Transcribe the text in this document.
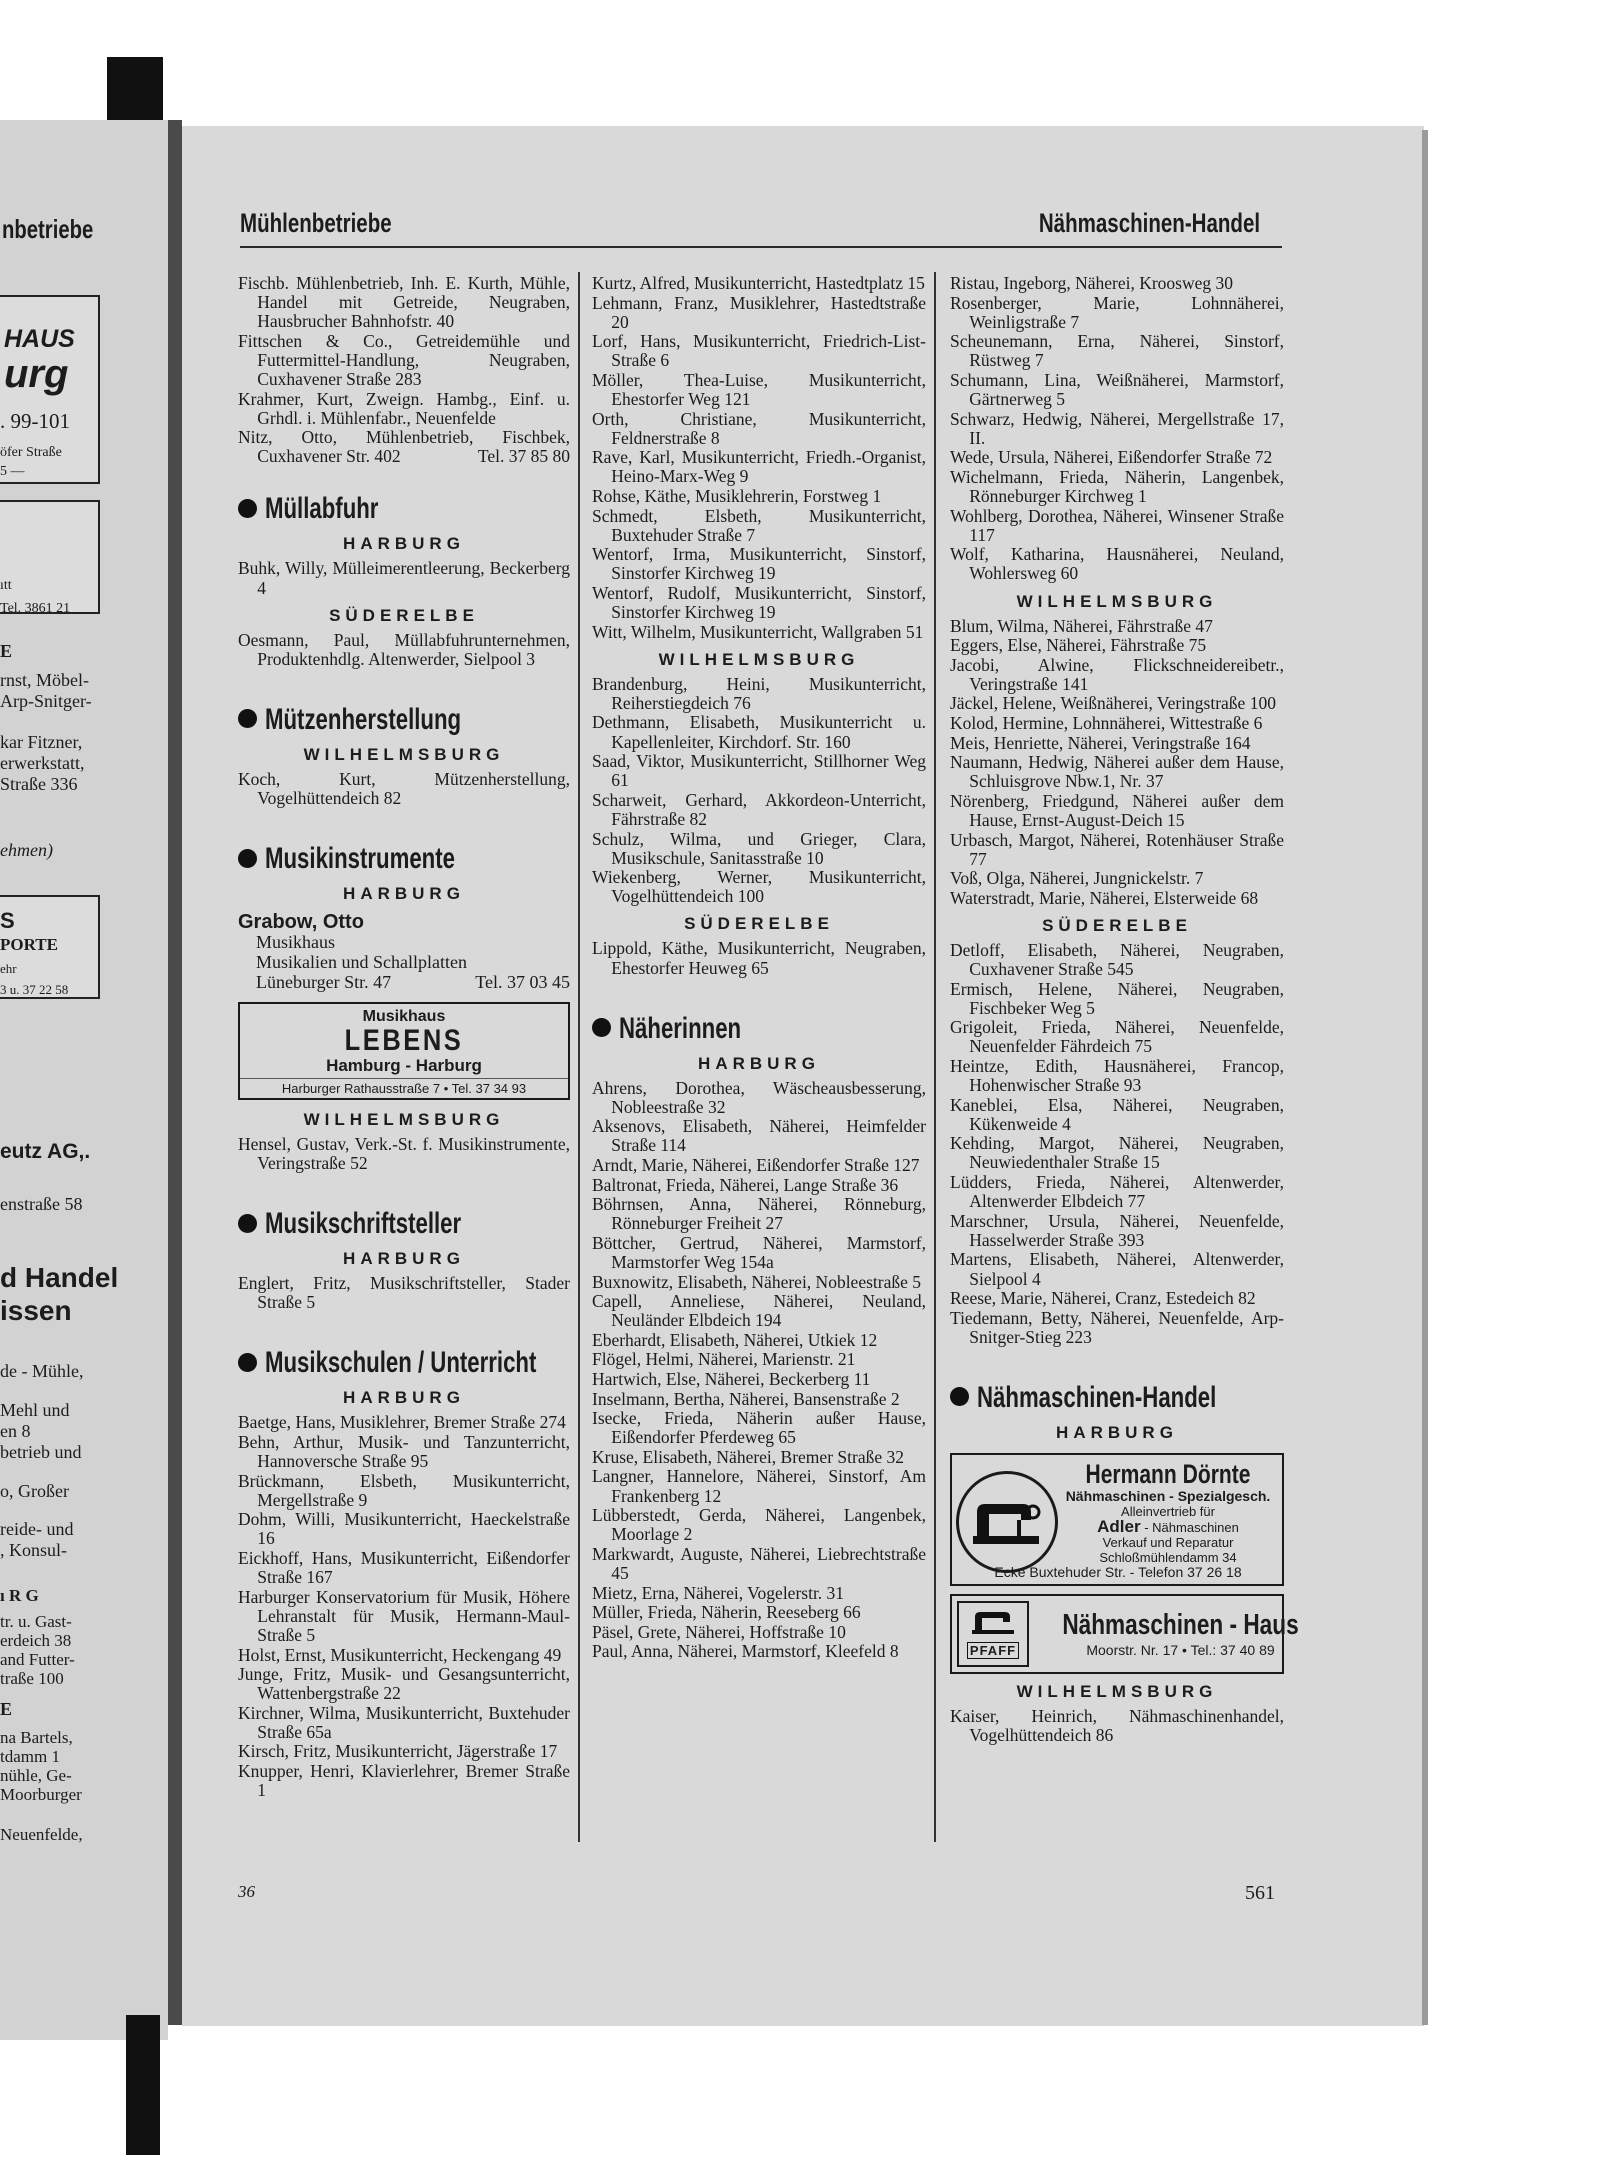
nbetriebe
HAUS
urg
. 99-101
öfer Straße
5 —
ıtt
Tel. 3861 21
E
rnst, Möbel-
Arp-Snitger-
kar Fitzner,
erwerkstatt,
Straße 336
ehmen)
S
PORTE
ehr
3 u. 37 22 58
eutz AG,.
enstraße 58
d Handel
issen
de - Mühle,
Mehl und
en 8
betrieb und
o, Großer
reide- und
, Konsul-
ı R G
tr. u. Gast-
erdeich 38
and Futter-
traße 100
E
na Bartels,
tdamm 1
nühle, Ge-
Moorburger
Neuenfelde,
Mühlenbetriebe	Nähmaschinen-Handel
Fischb. Mühlenbetrieb, Inh. E. Kurth, Mühle, Handel mit Getreide, Neugraben, Hausbrucher Bahnhofstr. 40
Fittschen & Co., Getreidemühle und Futtermittel-Handlung, Neugraben, Cuxhavener Straße 283
Krahmer, Kurt, Zweign. Hambg., Einf. u. Grhdl. i. Mühlenfabr., Neuenfelde
Nitz, Otto, Mühlenbetrieb, Fischbek, Cuxhavener Str. 402	Tel. 37 85 80
Müllabfuhr
HARBURG
Buhk, Willy, Mülleimerentleerung, Beckerberg 4
SÜDERELBE
Oesmann, Paul, Müllabfuhrunternehmen, Produktenhdlg. Altenwerder, Sielpool 3
Mützenherstellung
WILHELMSBURG
Koch, Kurt, Mützenherstellung, Vogelhüttendeich 82
Musikinstrumente
HARBURG
Grabow, Otto
Musikhaus
Musikalien und Schallplatten
Lüneburger Str. 47	Tel. 37 03 45
Musikhaus
LEBENS
Hamburg - Harburg
Harburger Rathausstraße 7 • Tel. 37 34 93
WILHELMSBURG
Hensel, Gustav, Verk.-St. f. Musikinstrumente, Veringstraße 52
Musikschriftsteller
HARBURG
Englert, Fritz, Musikschriftsteller, Stader Straße 5
Musikschulen / Unterricht
HARBURG
Baetge, Hans, Musiklehrer, Bremer Straße 274
Behn, Arthur, Musik- und Tanzunterricht, Hannoversche Straße 95
Brückmann, Elsbeth, Musikunterricht, Mergellstraße 9
Dohm, Willi, Musikunterricht, Haeckelstraße 16
Eickhoff, Hans, Musikunterricht, Eißendorfer Straße 167
Harburger Konservatorium für Musik, Höhere Lehranstalt für Musik, Hermann-Maul-Straße 5
Holst, Ernst, Musikunterricht, Heckengang 49
Junge, Fritz, Musik- und Gesangsunterricht, Wattenbergstraße 22
Kirchner, Wilma, Musikunterricht, Buxtehuder Straße 65a
Kirsch, Fritz, Musikunterricht, Jägerstraße 17
Knupper, Henri, Klavierlehrer, Bremer Straße 1
Kurtz, Alfred, Musikunterricht, Hastedtplatz 15
Lehmann, Franz, Musiklehrer, Hastedtstraße 20
Lorf, Hans, Musikunterricht, Friedrich-List-Straße 6
Möller, Thea-Luise, Musikunterricht, Ehestorfer Weg 121
Orth, Christiane, Musikunterricht, Feldnerstraße 8
Rave, Karl, Musikunterricht, Friedh.-Organist, Heino-Marx-Weg 9
Rohse, Käthe, Musiklehrerin, Forstweg 1
Schmedt, Elsbeth, Musikunterricht, Buxtehuder Straße 7
Wentorf, Irma, Musikunterricht, Sinstorf, Sinstorfer Kirchweg 19
Wentorf, Rudolf, Musikunterricht, Sinstorf, Sinstorfer Kirchweg 19
Witt, Wilhelm, Musikunterricht, Wallgraben 51
WILHELMSBURG
Brandenburg, Heini, Musikunterricht, Reiherstiegdeich 76
Dethmann, Elisabeth, Musikunterricht u. Kapellenleiter, Kirchdorf. Str. 160
Saad, Viktor, Musikunterricht, Stillhorner Weg 61
Scharweit, Gerhard, Akkordeon-Unterricht, Fährstraße 82
Schulz, Wilma, und Grieger, Clara, Musikschule, Sanitasstraße 10
Wiekenberg, Werner, Musikunterricht, Vogelhüttendeich 100
SÜDERELBE
Lippold, Käthe, Musikunterricht, Neugraben, Ehestorfer Heuweg 65
Näherinnen
HARBURG
Ahrens, Dorothea, Wäscheausbesserung, Nobleestraße 32
Aksenovs, Elisabeth, Näherei, Heimfelder Straße 114
Arndt, Marie, Näherei, Eißendorfer Straße 127
Baltronat, Frieda, Näherei, Lange Straße 36
Böhrnsen, Anna, Näherei, Rönneburg, Rönneburger Freiheit 27
Böttcher, Gertrud, Näherei, Marmstorf, Marmstorfer Weg 154a
Buxnowitz, Elisabeth, Näherei, Nobleestraße 5
Capell, Anneliese, Näherei, Neuland, Neuländer Elbdeich 194
Eberhardt, Elisabeth, Näherei, Utkiek 12
Flögel, Helmi, Näherei, Marienstr. 21
Hartwich, Else, Näherei, Beckerberg 11
Inselmann, Bertha, Näherei, Bansenstraße 2
Isecke, Frieda, Näherin außer Hause, Eißendorfer Pferdeweg 65
Kruse, Elisabeth, Näherei, Bremer Straße 32
Langner, Hannelore, Näherei, Sinstorf, Am Frankenberg 12
Lübberstedt, Gerda, Näherei, Langenbek, Moorlage 2
Markwardt, Auguste, Näherei, Liebrechtstraße 45
Mietz, Erna, Näherei, Vogelerstr. 31
Müller, Frieda, Näherin, Reeseberg 66
Päsel, Grete, Näherei, Hoffstraße 10
Paul, Anna, Näherei, Marmstorf, Kleefeld 8
Ristau, Ingeborg, Näherei, Kroosweg 30
Rosenberger, Marie, Lohnnäherei, Weinligstraße 7
Scheunemann, Erna, Näherei, Sinstorf, Rüstweg 7
Schumann, Lina, Weißnäherei, Marmstorf, Gärtnerweg 5
Schwarz, Hedwig, Näherei, Mergellstraße 17, II.
Wede, Ursula, Näherei, Eißendorfer Straße 72
Wichelmann, Frieda, Näherin, Langenbek, Rönneburger Kirchweg 1
Wohlberg, Dorothea, Näherei, Winsener Straße 117
Wolf, Katharina, Hausnäherei, Neuland, Wohlersweg 60
WILHELMSBURG
Blum, Wilma, Näherei, Fährstraße 47
Eggers, Else, Näherei, Fährstraße 75
Jacobi, Alwine, Flickschneidereibetr., Veringstraße 141
Jäckel, Helene, Weißnäherei, Veringstraße 100
Kolod, Hermine, Lohnnäherei, Wittestraße 6
Meis, Henriette, Näherei, Veringstraße 164
Naumann, Hedwig, Näherei außer dem Hause, Schluisgrove Nbw.1, Nr. 37
Nörenberg, Friedgund, Näherei außer dem Hause, Ernst-August-Deich 15
Urbasch, Margot, Näherei, Rotenhäuser Straße 77
Voß, Olga, Näherei, Jungnickelstr. 7
Waterstradt, Marie, Näherei, Elsterweide 68
SÜDERELBE
Detloff, Elisabeth, Näherei, Neugraben, Cuxhavener Straße 545
Ermisch, Helene, Näherei, Neugraben, Fischbeker Weg 5
Grigoleit, Frieda, Näherei, Neuenfelde, Neuenfelder Fährdeich 75
Heintze, Edith, Hausnäherei, Francop, Hohenwischer Straße 93
Kaneblei, Elsa, Näherei, Neugraben, Kükenweide 4
Kehding, Margot, Näherei, Neugraben, Neuwiedenthaler Straße 15
Lüdders, Frieda, Näherei, Altenwerder, Altenwerder Elbdeich 77
Marschner, Ursula, Näherei, Neuenfelde, Hasselwerder Straße 393
Martens, Elisabeth, Näherei, Altenwerder, Sielpool 4
Reese, Marie, Näherei, Cranz, Estedeich 82
Tiedemann, Betty, Näherei, Neuenfelde, Arp-Snitger-Stieg 223
Nähmaschinen-Handel
HARBURG
Hermann Dörnte
Nähmaschinen - Spezialgesch.
Alleinvertrieb für
Adler - Nähmaschinen
Verkauf und Reparatur
Schloßmühlendamm 34
Ecke Buxtehuder Str. - Telefon 37 26 18
PFAFF
Nähmaschinen - Haus
Moorstr. Nr. 17 • Tel.: 37 40 89
WILHELMSBURG
Kaiser, Heinrich, Nähmaschinenhandel, Vogelhüttendeich 86
36	561
